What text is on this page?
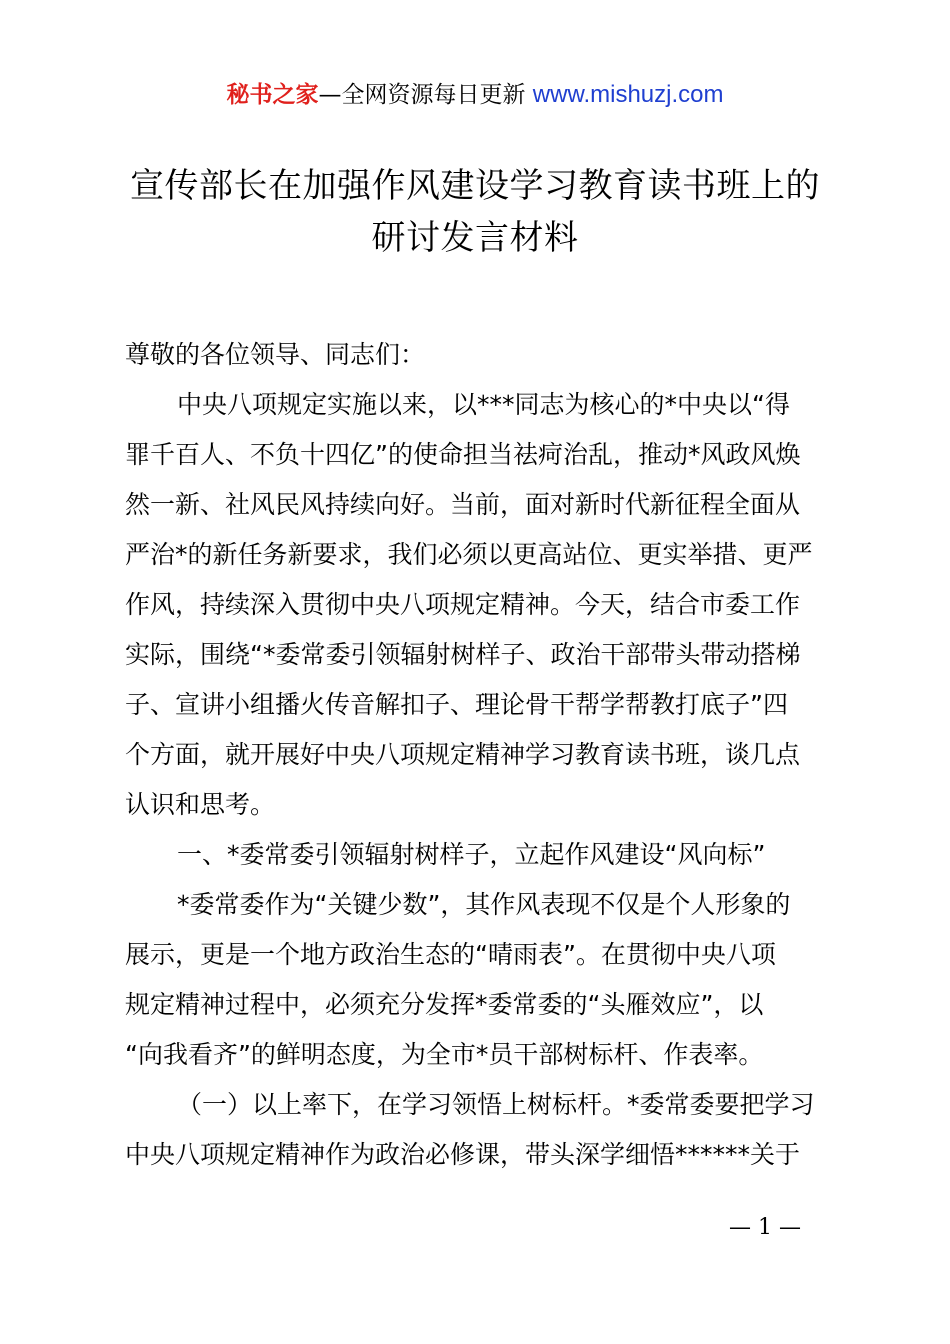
秘书之家—全网资源每日更新 www.mishuzj.com
宣传部长在加强作风建设学习教育读书班上的
研讨发言材料
尊敬的各位领导、同志们：
中央八项规定实施以来，以***同志为核心的*中央以“得
罪千百人、不负十四亿”的使命担当祛疴治乱，推动*风政风焕
然一新、社风民风持续向好。当前，面对新时代新征程全面从
严治*的新任务新要求，我们必须以更高站位、更实举措、更严
作风，持续深入贯彻中央八项规定精神。今天，结合市委工作
实际，围绕“*委常委引领辐射树样子、政治干部带头带动搭梯
子、宣讲小组播火传音解扣子、理论骨干帮学帮教打底子”四
个方面，就开展好中央八项规定精神学习教育读书班，谈几点
认识和思考。
一、*委常委引领辐射树样子，立起作风建设“风向标”
*委常委作为“关键少数”，其作风表现不仅是个人形象的
展示，更是一个地方政治生态的“晴雨表”。在贯彻中央八项
规定精神过程中，必须充分发挥*委常委的“头雁效应”，以
“向我看齐”的鲜明态度，为全市*员干部树标杆、作表率。
（一）以上率下，在学习领悟上树标杆。*委常委要把学习
中央八项规定精神作为政治必修课，带头深学细悟******关于
— 1 —
